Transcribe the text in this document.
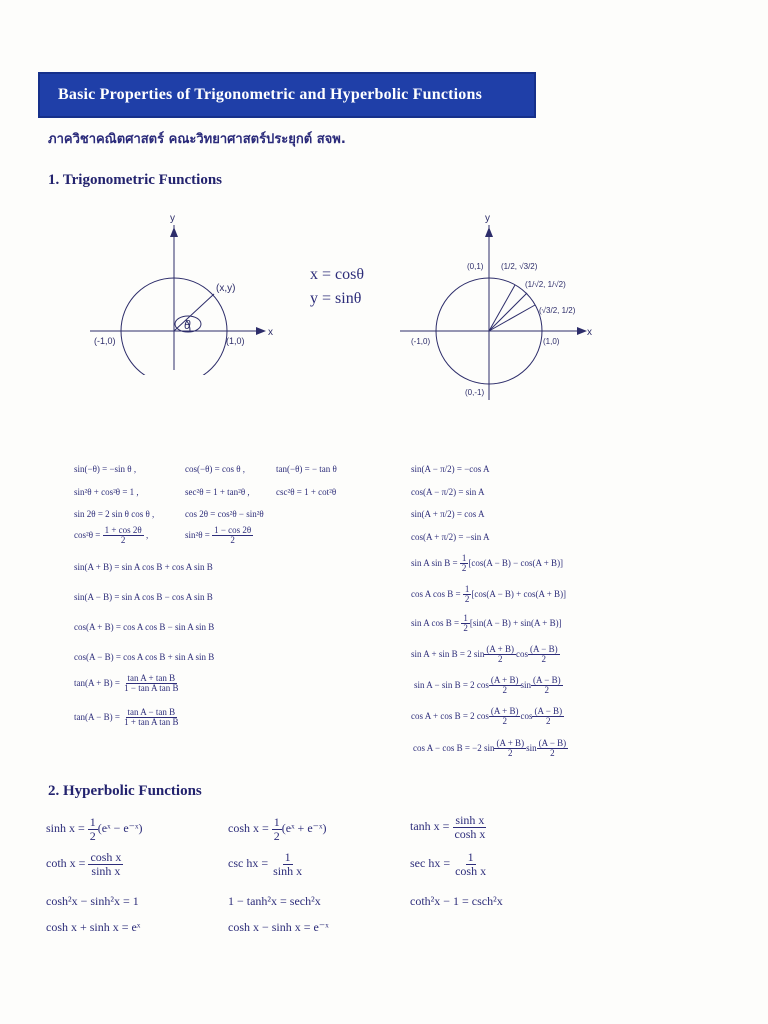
Basic Properties of Trigonometric and Hyperbolic Functions
ภาควิชาคณิตศาสตร์ คณะวิทยาศาสตร์ประยุกต์ สจพ.
1. Trigonometric Functions
θ
y
x
(x,y)
(-1,0)	(1,0)
x = cosθ
y = sinθ
y
x
(0,1)
(0,-1)
(-1,0)	(1,0)
(1/2, √3/2)
(1/√2, 1/√2)
(√3/2, 1/2)
sin(−θ) = −sin θ ,	cos(−θ) = cos θ ,	tan(−θ) = − tan θ
sin²θ + cos²θ = 1 ,	sec²θ = 1 + tan²θ ,	csc²θ = 1 + cot²θ
sin 2θ = 2 sin θ cos θ ,	cos 2θ = cos²θ − sin²θ
$\cos^2\theta = \frac{1 + \cos 2\theta}{2}$ ,	$\sin^2\theta = \frac{1 - \cos 2\theta}{2}$
sin(A + B) = sin A cos B + cos A sin B
sin(A − B) = sin A cos B − cos A sin B
cos(A + B) = cos A cos B − sin A sin B
cos(A − B) = cos A cos B + sin A sin B
$\tan(A + B) = \frac{\text{tan A + tan B}}{\text{1 − tan A tan B}}$
$\tan(A - B) = \frac{\text{tan A − tan B}}{\text{1 + tan A tan B}}$
sin(A − π/2) = −cos A
cos(A − π/2) = sin A
sin(A + π/2) = cos A
cos(A + π/2) = −sin A
sin A $\sin B = \frac{1}{2} [\cos(A - B) - \cos(A + B)]$
cos A $\cos B = \frac{1}{2} [\cos(A - B) + \cos(A + B)]$
sin A $\cos B = \frac{1}{2} [\sin(A - B) + \sin(A + B)]$
sin A + sin B = 2 $\sin \frac{(A + B)}{2}$ $\cos \frac{(A - B)}{2}$
sin A − sin B = 2 $\cos \frac{(A + B)}{2}$ $\sin \frac{(A - B)}{2}$
cos A + cos B = 2 $\cos \frac{(A + B)}{2}$ $\cos \frac{(A - B)}{2}$
cos A − cos B = −2 $\sin \frac{(A + B)}{2}$ $\sin \frac{(A - B)}{2}$
2. Hyperbolic Functions
$\sinh x = \frac{1}{2}$ (eˣ − e⁻ˣ)	$\cosh x = \frac{1}{2}$ (eˣ + e⁻ˣ)	$\tanh x = \frac{\text{sinh x}}{\text{cosh x}}$
coth $x = \frac{\text{cosh x}}{\text{sinh x}}$	csc hx = $\frac{1}{\text{sinh x}}$	sec hx = $\frac{1}{\text{cosh x}}$
cosh²x − sinh²x = 1	1 − tanh²x = sech²x	coth²x − 1 = csch²x
cosh x + sinh x = eˣ	cosh x − sinh x = e⁻ˣ
